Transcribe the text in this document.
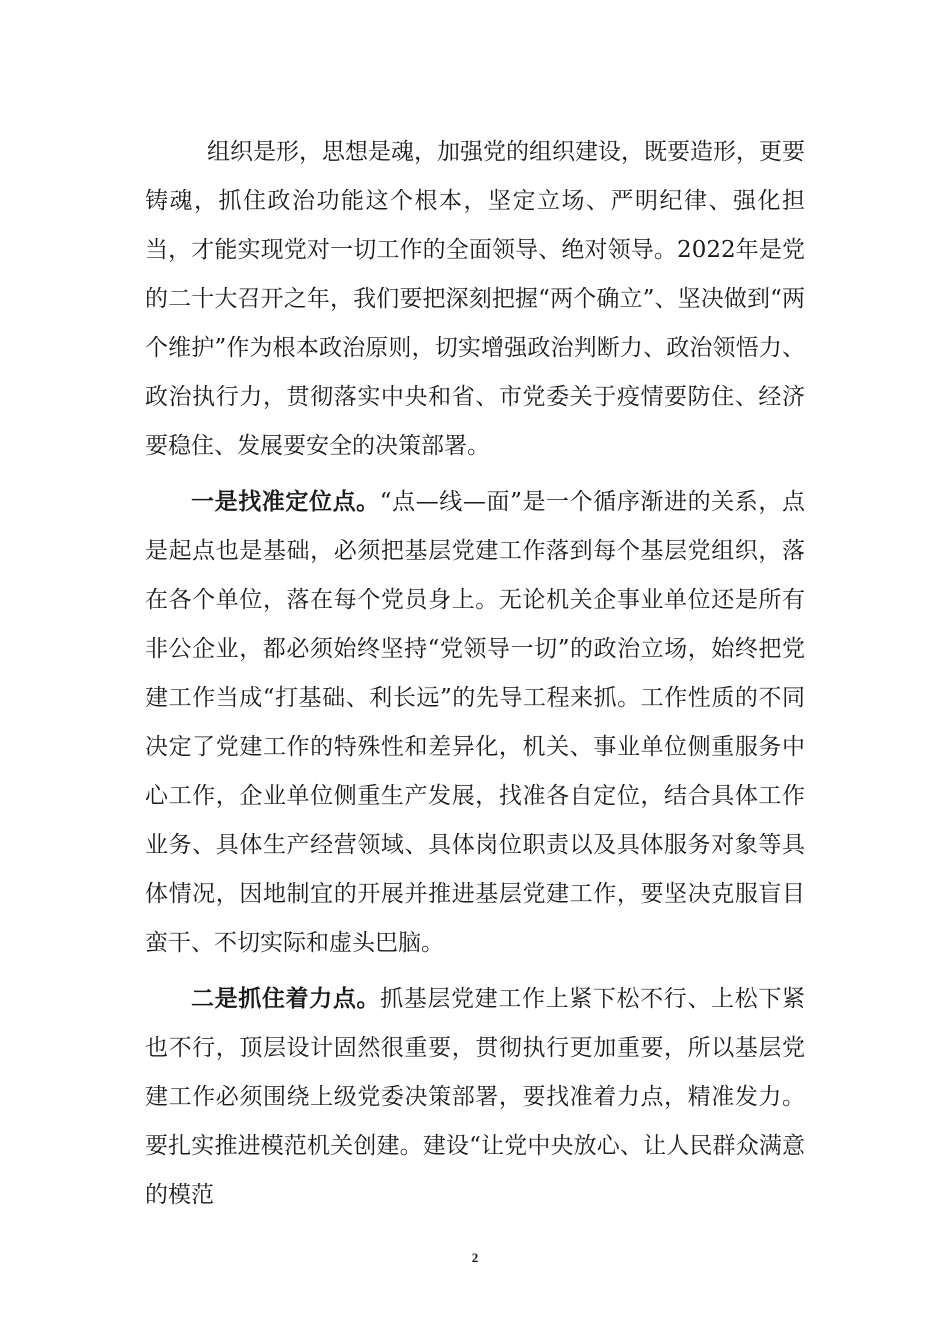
组织是形，思想是魂，加强党的组织建设，既要造形，更要铸魂，抓住政治功能这个根本，坚定立场、严明纪律、强化担当，才能实现党对一切工作的全面领导、绝对领导。2022年是党的二十大召开之年，我们要把深刻把握“两个确立”、坚决做到“两个维护”作为根本政治原则，切实增强政治判断力、政治领悟力、政治执行力，贯彻落实中央和省、市党委关于疫情要防住、经济要稳住、发展要安全的决策部署。

一是找准定位点。“点—线—面”是一个循序渐进的关系，点是起点也是基础，必须把基层党建工作落到每个基层党组织，落在各个单位，落在每个党员身上。无论机关企事业单位还是所有非公企业，都必须始终坚持“党领导一切”的政治立场，始终把党建工作当成“打基础、利长远”的先导工程来抓。工作性质的不同决定了党建工作的特殊性和差异化，机关、事业单位侧重服务中心工作，企业单位侧重生产发展，找准各自定位，结合具体工作业务、具体生产经营领域、具体岗位职责以及具体服务对象等具体情况，因地制宜的开展并推进基层党建工作，要坚决克服盲目蛮干、不切实际和虚头巴脑。

二是抓住着力点。抓基层党建工作上紧下松不行、上松下紧也不行，顶层设计固然很重要，贯彻执行更加重要，所以基层党建工作必须围绕上级党委决策部署，要找准着力点，精准发力。要扎实推进模范机关创建。建设“让党中央放心、让人民群众满意的模范

2
